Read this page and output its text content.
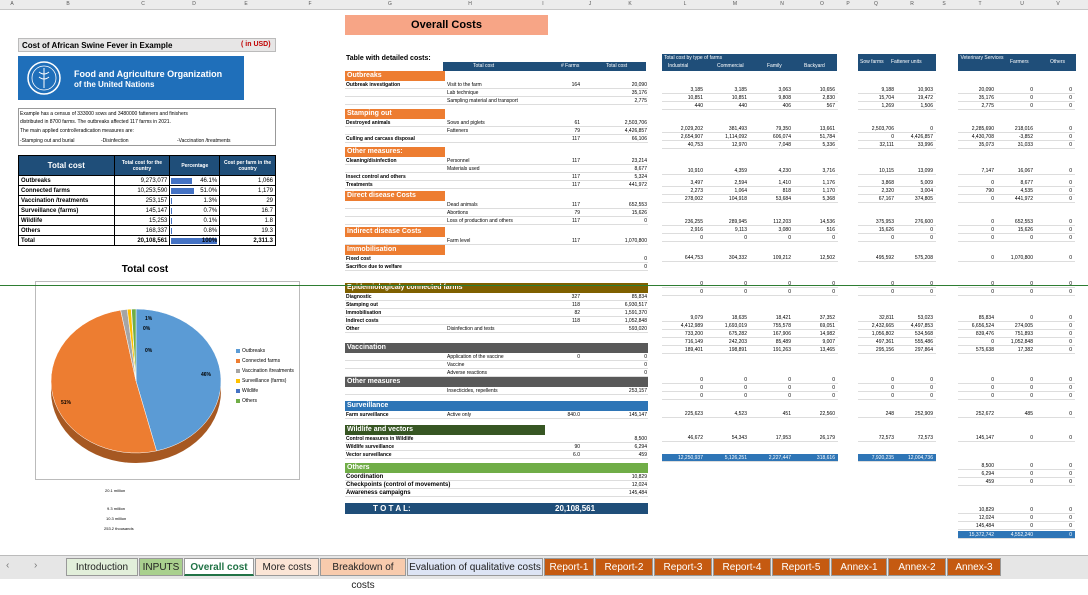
A	B	C	D	E	F	G	H	I	J	K	L	M	N	O	P	Q	R	S	T	U	V
Overall Costs
Cost of African Swine Fever in Example	( in USD)
Food and Agriculture Organization
of the United Nations
Example has a census of 333000 sows and 3480000 fatteners and finishers
distributed in 8700 farms. The outbreaks affected 117 farms in 2021.
The main applied control/eradication measures are:
-Stamping out and burial	-Disinfection	-Vaccination /treatments
Total cost	Total cost for the country	Percentage	Cost per farm in the country
Outbreaks	9,273,077	46.1%	1,066
Connected farms	10,253,590	51.0%	1,179
Vaccination /treatments	253,157	1.3%	29
Surveillance (farms)	145,147	0.7%	16.7
Wildlife	15,253	0.1%	1.8
Others	168,337	0.8%	19.3
Total	20,108,561	100%	2,311.3
Total cost
46%
51%
1%
0%
0%	Outbreaks
Connected farms
Vaccination /treatments
Surveillance (farms)
Wildlife
Others
20.1 million
9.3 million
10.3 million
253.2 thousands
Table with detailed costs:
Total cost	# Farms	Total cost
Outbreaks
Outbreak investigation	Visit to the farm	164	20,090
Lab technique	35,176
Sampling material and transport	2,775
Stamping out
Destroyed animals	Sows and piglets	61	2,503,706
Fatteners	79	4,426,857
Culling and carcass disposal	117	66,106
Other measures:
Cleaning/disinfection	Personnel	117	23,214
Materials used	8,677
Insect control and others	117	5,324
Treatments	117	441,972
Direct disease Costs
Dead animals	117	652,553
Abortions	79	15,626
Loss of production and others	117	0
Indirect disease Costs
Farm level	117	1,070,800
Immobilisation
Fixed cost	0
Sacrifice due to welfare	0
Epidemiologicaly connected farms
Diagnostic	327	85,834
Stamping out	118	6,930,517
Immobilisation	82	1,591,370
Indirect costs	118	1,052,848
Other	Disinfection and tests	593,020
Vaccination
Application of the vaccine	0	0
Vaccine	0
Adverse reactions	0
Other measures
Insecticides, repellents	253,157
Surveillance
Farm surveillance	Active only	840.0	145,147
Wildlife and vectors	# Units
Control measures in Wildlife	8,500
Wildlife surveillance	90	6,294
Vector surveillance	6.0	459
Others
Coordination	10,829
Checkpoints (control of movements)	12,024
Awareness campaigns	145,484
T O T A L:	20,108,561
Total cost by type of farms
Industrial	Commercial	Family	Backyard
3,185	3,185	3,063	10,656
10,851	10,851	9,808	2,830
440	440	406	567
2,029,202	381,493	79,350	13,661
2,654,907	1,114,092	606,074	51,784
40,753	12,970	7,048	5,336
10,910	4,359	4,230	3,716
3,497	2,594	1,410	1,176
2,273	1,064	818	1,170
278,002	104,918	53,684	5,368
236,255	289,945	112,203	14,536
2,916	9,113	3,080	516
0	0	0	0
644,753	304,332	109,212	12,502
0	0	0	0
0	0	0	0
9,079	18,635	18,421	37,352
4,412,989	1,693,019	755,578	69,051
733,200	675,282	167,906	14,982
716,149	242,203	85,489	9,007
189,401	198,891	191,263	13,465
0	0	0	0
0	0	0	0
0	0	0	0
225,623	4,523	451	22,560
46,672	54,343	17,953	26,179
12,250,937	5,126,251	2,227,447	318,616
Sow farms Fattener units
9,188	10,903
15,704	19,472
1,269	1,506
2,503,706	0
0	4,426,857
32,111	33,996
10,115	13,099
3,868	5,009
2,320	3,004
67,167	374,805
375,953	276,600
15,626	0
0	0
495,592	575,208
0	0
0	0
32,811	53,023
2,432,665	4,497,853
1,056,802	534,568
497,361	555,486
295,156	297,864
0	0
0	0
0	0
248	252,909
72,573	72,573
7,920,235	12,004,736
Veterinary Services
Farmers	Others
20,090	0	0
35,176	0	0
2,775	0	0
2,285,690	218,016	0
4,430,708	-3,852	0
35,073	31,033	0
7,147	16,067	0
0	8,677	0
790	4,535	0
0	441,972	0
0	652,553	0
0	15,626	0
0	0	0
0	1,070,800	0
0	0	0
0	0	0
85,834	0	0
6,656,524	274,005	0
839,476	751,893	0
0	1,052,848	0
575,638	17,382	0
0	0	0
0	0	0
0	0	0
252,672	485	0
145,147	0	0
8,500	0	0
6,294	0	0
459	0	0
10,829	0	0
12,024	0	0
145,484	0	0
15,372,742	4,552,240	0
‹ ›	Introduction	INPUTS	Overall cost	More costs	Breakdown of costs
Evaluation of qualitative costs Report-1	Report-2	Report-3	Report-4	Report-5	Annex-1	Annex-2	Annex-3
